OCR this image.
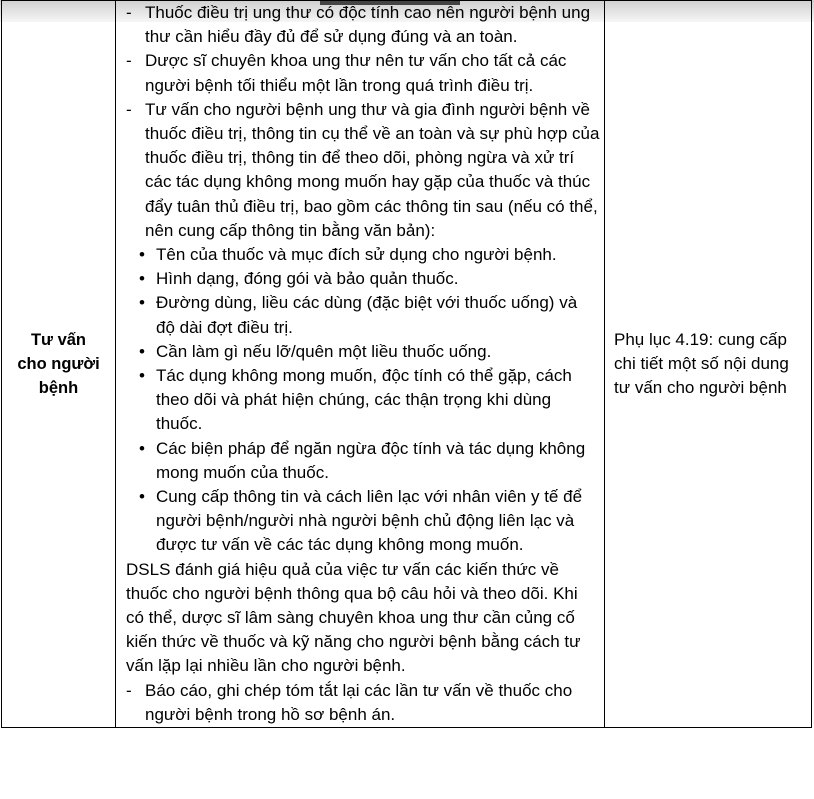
Tư vấn
cho người
bệnh

- Thuốc điều trị ung thư có độc tính cao nên người bệnh ung thư cần hiểu đầy đủ để sử dụng đúng và an toàn.
- Dược sĩ chuyên khoa ung thư nên tư vấn cho tất cả các người bệnh tối thiểu một lần trong quá trình điều trị.
- Tư vấn cho người bệnh ung thư và gia đình người bệnh về thuốc điều trị, thông tin cụ thể về an toàn và sự phù hợp của thuốc điều trị, thông tin để theo dõi, phòng ngừa và xử trí các tác dụng không mong muốn hay gặp của thuốc và thúc đẩy tuân thủ điều trị, bao gồm các thông tin sau (nếu có thể, nên cung cấp thông tin bằng văn bản):
• Tên của thuốc và mục đích sử dụng cho người bệnh.
• Hình dạng, đóng gói và bảo quản thuốc.
• Đường dùng, liều các dùng (đặc biệt với thuốc uống) và độ dài đợt điều trị.
• Cần làm gì nếu lỡ/quên một liều thuốc uống.
• Tác dụng không mong muốn, độc tính có thể gặp, cách theo dõi và phát hiện chúng, các thận trọng khi dùng thuốc.
• Các biện pháp để ngăn ngừa độc tính và tác dụng không mong muốn của thuốc.
• Cung cấp thông tin và cách liên lạc với nhân viên y tế để người bệnh/người nhà người bệnh chủ động liên lạc và được tư vấn về các tác dụng không mong muốn.
DSLS đánh giá hiệu quả của việc tư vấn các kiến thức về thuốc cho người bệnh thông qua bộ câu hỏi và theo dõi. Khi có thể, dược sĩ lâm sàng chuyên khoa ung thư cần củng cố kiến thức về thuốc và kỹ năng cho người bệnh bằng cách tư vấn lặp lại nhiều lần cho người bệnh.
- Báo cáo, ghi chép tóm tắt lại các lần tư vấn về thuốc cho người bệnh trong hồ sơ bệnh án.

Phụ lục 4.19: cung cấp chi tiết một số nội dung tư vấn cho người bệnh
